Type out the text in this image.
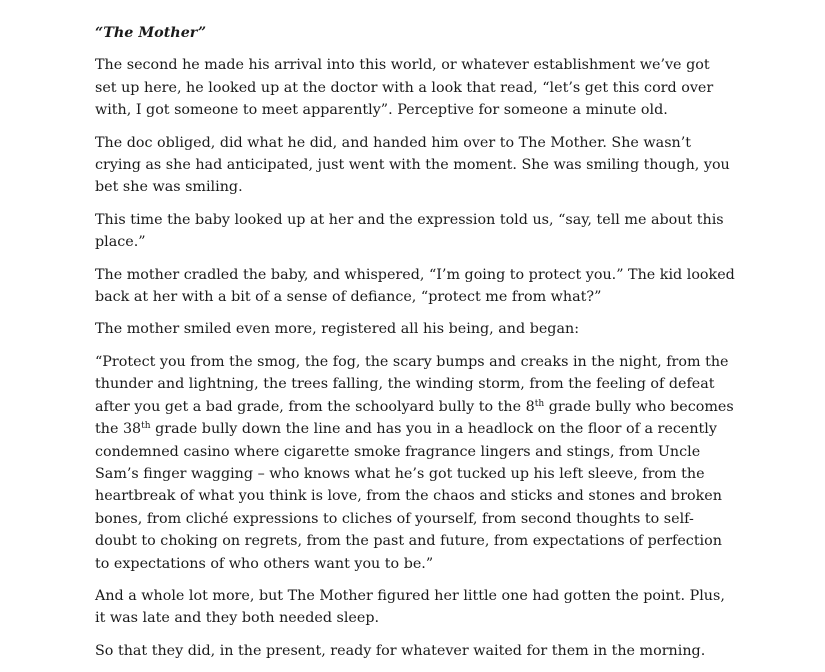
“The Mother”

The second he made his arrival into this world, or whatever establishment we’ve got set up here, he looked up at the doctor with a look that read, “let’s get this cord over with, I got someone to meet apparently”. Perceptive for someone a minute old.

The doc obliged, did what he did, and handed him over to The Mother. She wasn’t crying as she had anticipated, just went with the moment. She was smiling though, you bet she was smiling.

This time the baby looked up at her and the expression told us, “say, tell me about this place.”

The mother cradled the baby, and whispered, “I’m going to protect you.” The kid looked back at her with a bit of a sense of defiance, “protect me from what?”

The mother smiled even more, registered all his being, and began:

“Protect you from the smog, the fog, the scary bumps and creaks in the night, from the thunder and lightning, the trees falling, the winding storm, from the feeling of defeat after you get a bad grade, from the schoolyard bully to the 8th grade bully who becomes the 38th grade bully down the line and has you in a headlock on the floor of a recently condemned casino where cigarette smoke fragrance lingers and stings, from Uncle Sam’s finger wagging – who knows what he’s got tucked up his left sleeve, from the heartbreak of what you think is love, from the chaos and sticks and stones and broken bones, from cliché expressions to cliches of yourself, from second thoughts to self-doubt to choking on regrets, from the past and future, from expectations of perfection to expectations of who others want you to be.”

And a whole lot more, but The Mother figured her little one had gotten the point. Plus, it was late and they both needed sleep.

So that they did, in the present, ready for whatever waited for them in the morning.
